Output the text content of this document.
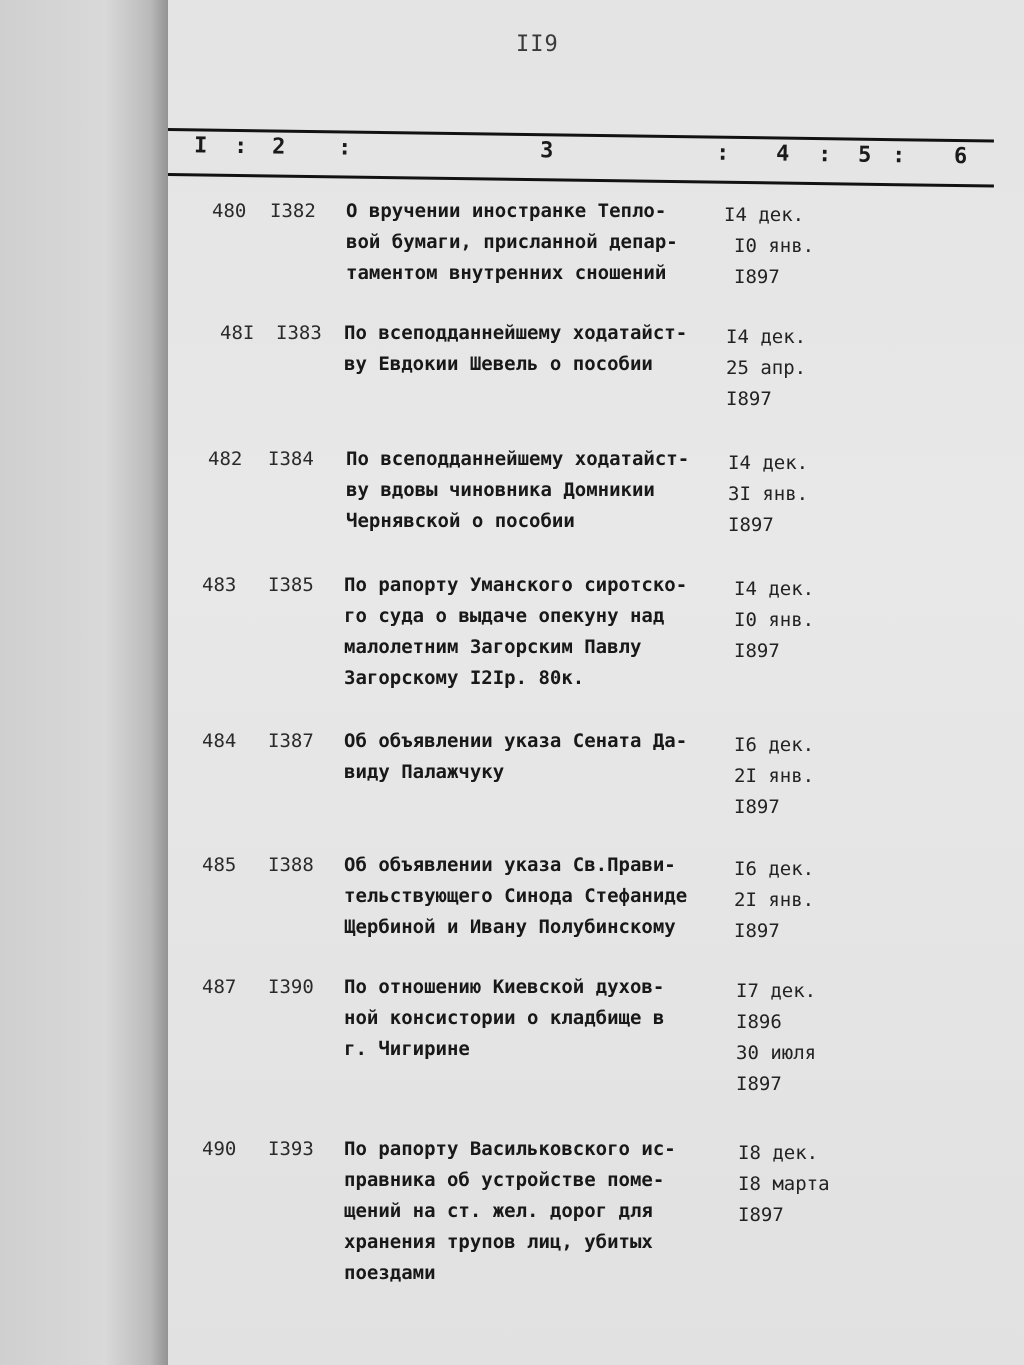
II9
I : 2 :	3	: 4 : 5 : 6
480 I382 О вручении иностранке Тепло-
вой бумаги, присланной депар-
таментом внутренних сношений
I4 дек.
I0 янв.
I897
48I I383 По всеподданнейшему ходатайст-
ву Евдокии Шевель о пособии
I4 дек.
25 апр.
I897
482 I384 По всеподданнейшему ходатайст-
ву вдовы чиновника Домникии
Чернявской о пособии
I4 дек.
3I янв.
I897
483 I385 По рапорту Уманского сиротско-
го суда о выдаче опекуну над
малолетним Загорским Павлу
Загорскому I2Iр. 80к.
I4 дек.
I0 янв.
I897
484 I387 Об объявлении указа Сената Да-
виду Палажчуку
I6 дек.
2I янв.
I897
485 I388 Об объявлении указа Св.Прави-
тельствующего Синода Стефаниде
Щербиной и Ивану Полубинскому
I6 дек.
2I янв.
I897
487 I390 По отношению Киевской духов-
ной консистории о кладбище в
г. Чигирине
I7 дек.
I896
30 июля
I897
490 I393 По рапорту Васильковского ис-
правника об устройстве поме-
щений на ст. жел. дорог для
хранения трупов лиц, убитых
поездами
I8 дек.
I8 марта
I897
